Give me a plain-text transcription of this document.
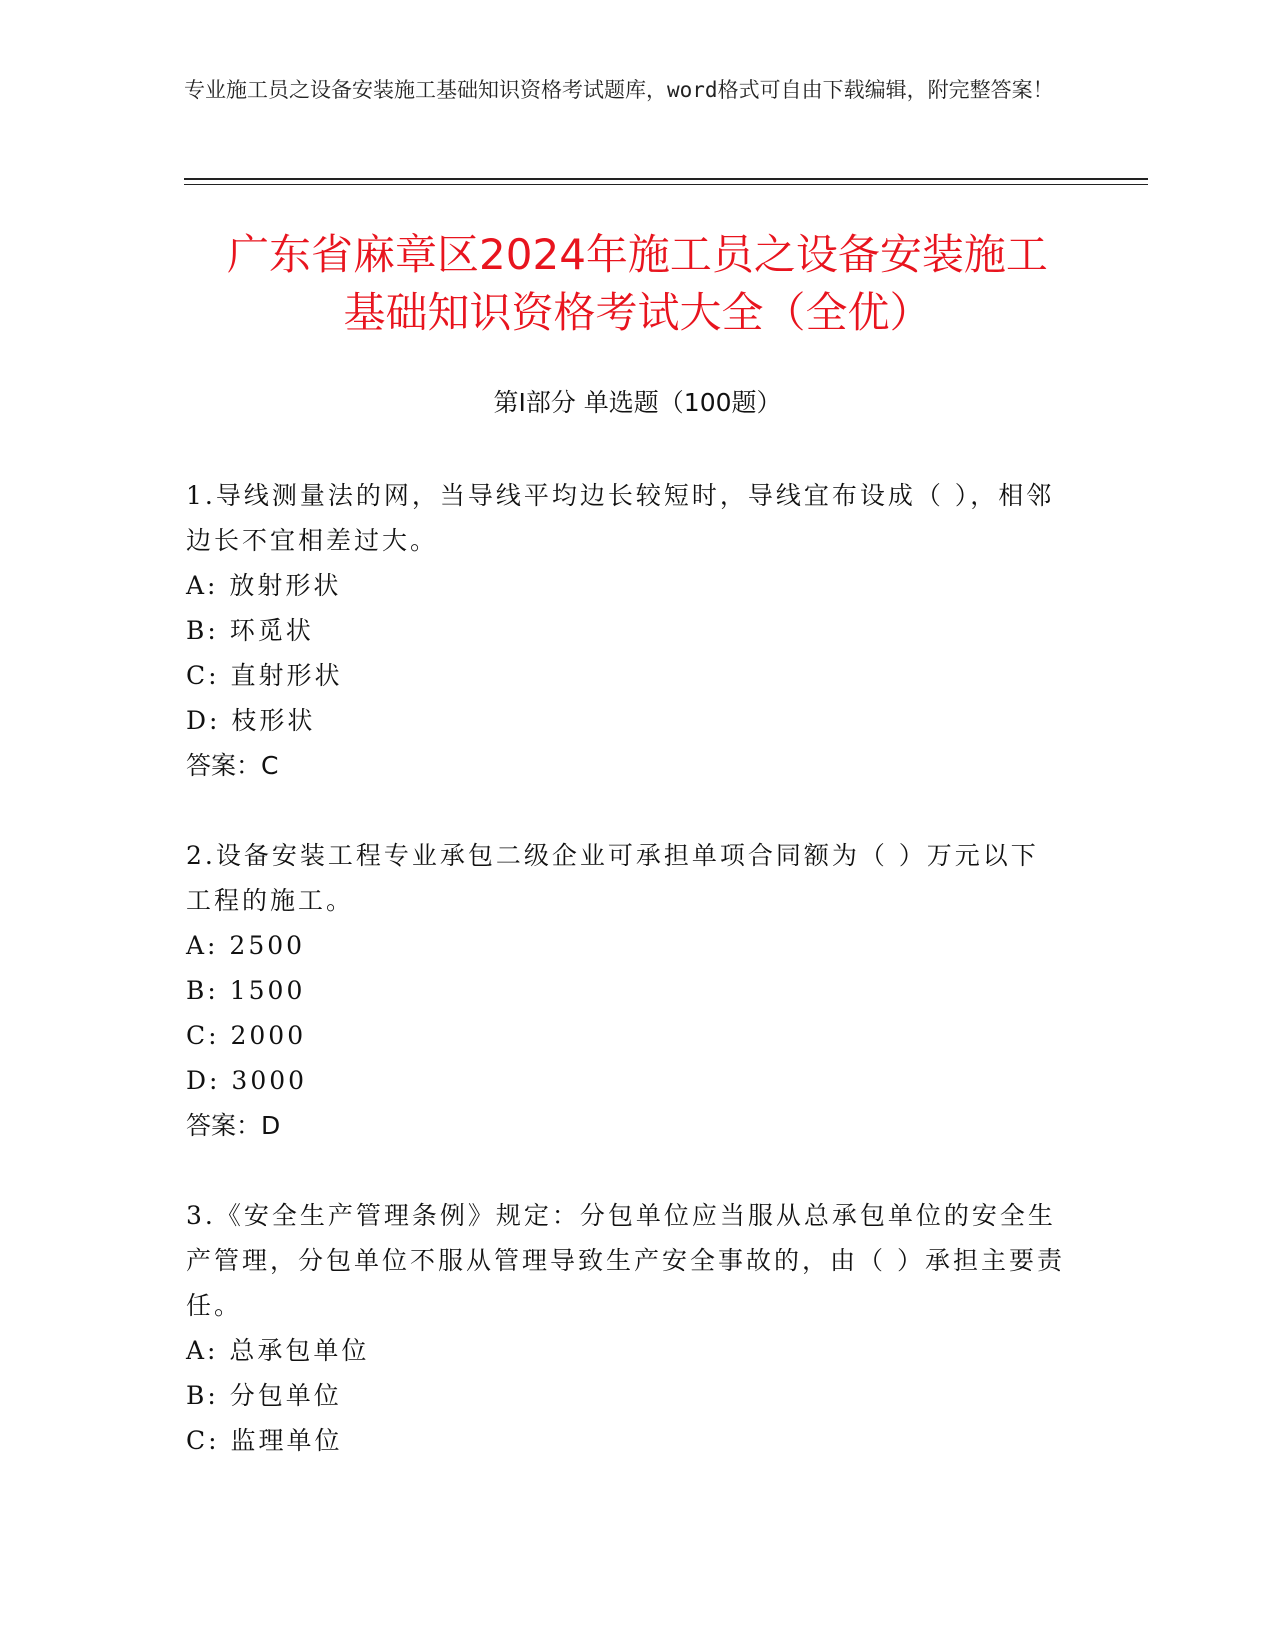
专业施工员之设备安装施工基础知识资格考试题库，word格式可自由下载编辑，附完整答案！
广东省麻章区2024年施工员之设备安装施工
基础知识资格考试大全（全优）
第Ⅰ部分 单选题（100题）
1.导线测量法的网，当导线平均边长较短时，导线宜布设成（ ），相邻边长不宜相差过大。
A: 放射形状
B: 环觅状
C: 直射形状
D: 枝形状
答案：C
2.设备安装工程专业承包二级企业可承担单项合同额为（ ）万元以下工程的施工。
A: 2500
B: 1500
C: 2000
D: 3000
答案：D
3.《安全生产管理条例》规定：分包单位应当服从总承包单位的安全生产管理，分包单位不服从管理导致生产安全事故的，由（ ）承担主要责任。
A: 总承包单位
B: 分包单位
C: 监理单位
